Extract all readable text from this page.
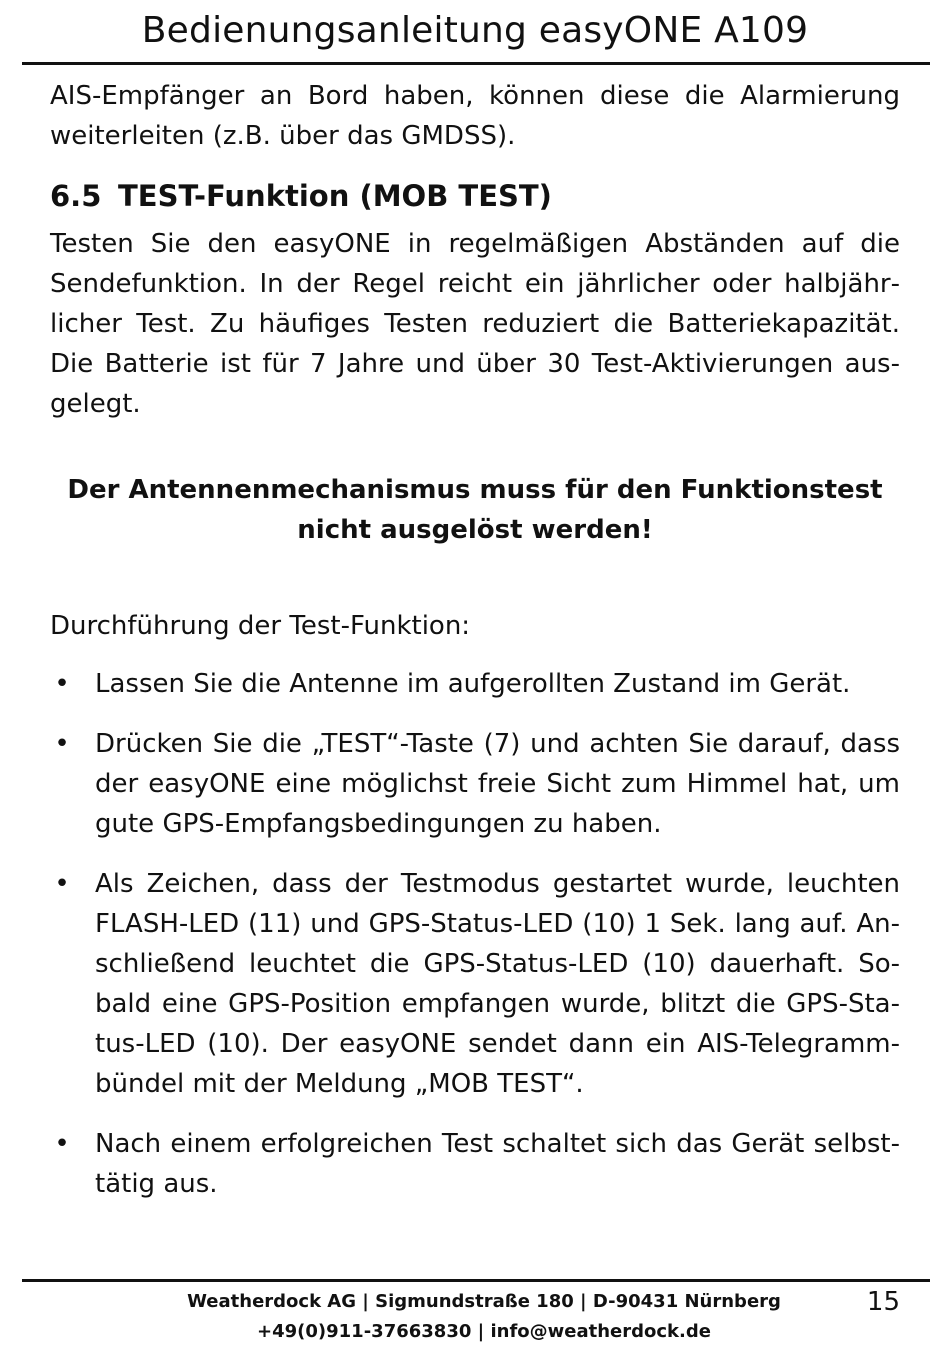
Bedienungsanleitung easyONE A109

AIS-Empfänger an Bord haben, können diese die Alarmierung weiterleiten (z.B. über das GMDSS).

6.5 TEST-Funktion (MOB TEST)

Testen Sie den easyONE in regelmäßigen Abständen auf die Sendefunktion. In der Regel reicht ein jährlicher oder halbjährlicher Test. Zu häufiges Testen reduziert die Batteriekapazität. Die Batterie ist für 7 Jahre und über 30 Test-Aktivierungen ausgelegt.

Der Antennenmechanismus muss für den Funktionstest nicht ausgelöst werden!

Durchführung der Test-Funktion:

• Lassen Sie die Antenne im aufgerollten Zustand im Gerät.
• Drücken Sie die „TEST“-Taste (7) und achten Sie darauf, dass der easyONE eine möglichst freie Sicht zum Himmel hat, um gute GPS-Empfangsbedingungen zu haben.
• Als Zeichen, dass der Testmodus gestartet wurde, leuchten FLASH-LED (11) und GPS-Status-LED (10) 1 Sek. lang auf. Anschließend leuchtet die GPS-Status-LED (10) dauerhaft. Sobald eine GPS-Position empfangen wurde, blitzt die GPS-Status-LED (10). Der easyONE sendet dann ein AIS-Telegrammbündel mit der Meldung „MOB TEST“.
• Nach einem erfolgreichen Test schaltet sich das Gerät selbsttätig aus.
Weatherdock AG | Sigmundstraße 180 | D-90431 Nürnberg
+49(0)911-37663830 | info@weatherdock.de
15
